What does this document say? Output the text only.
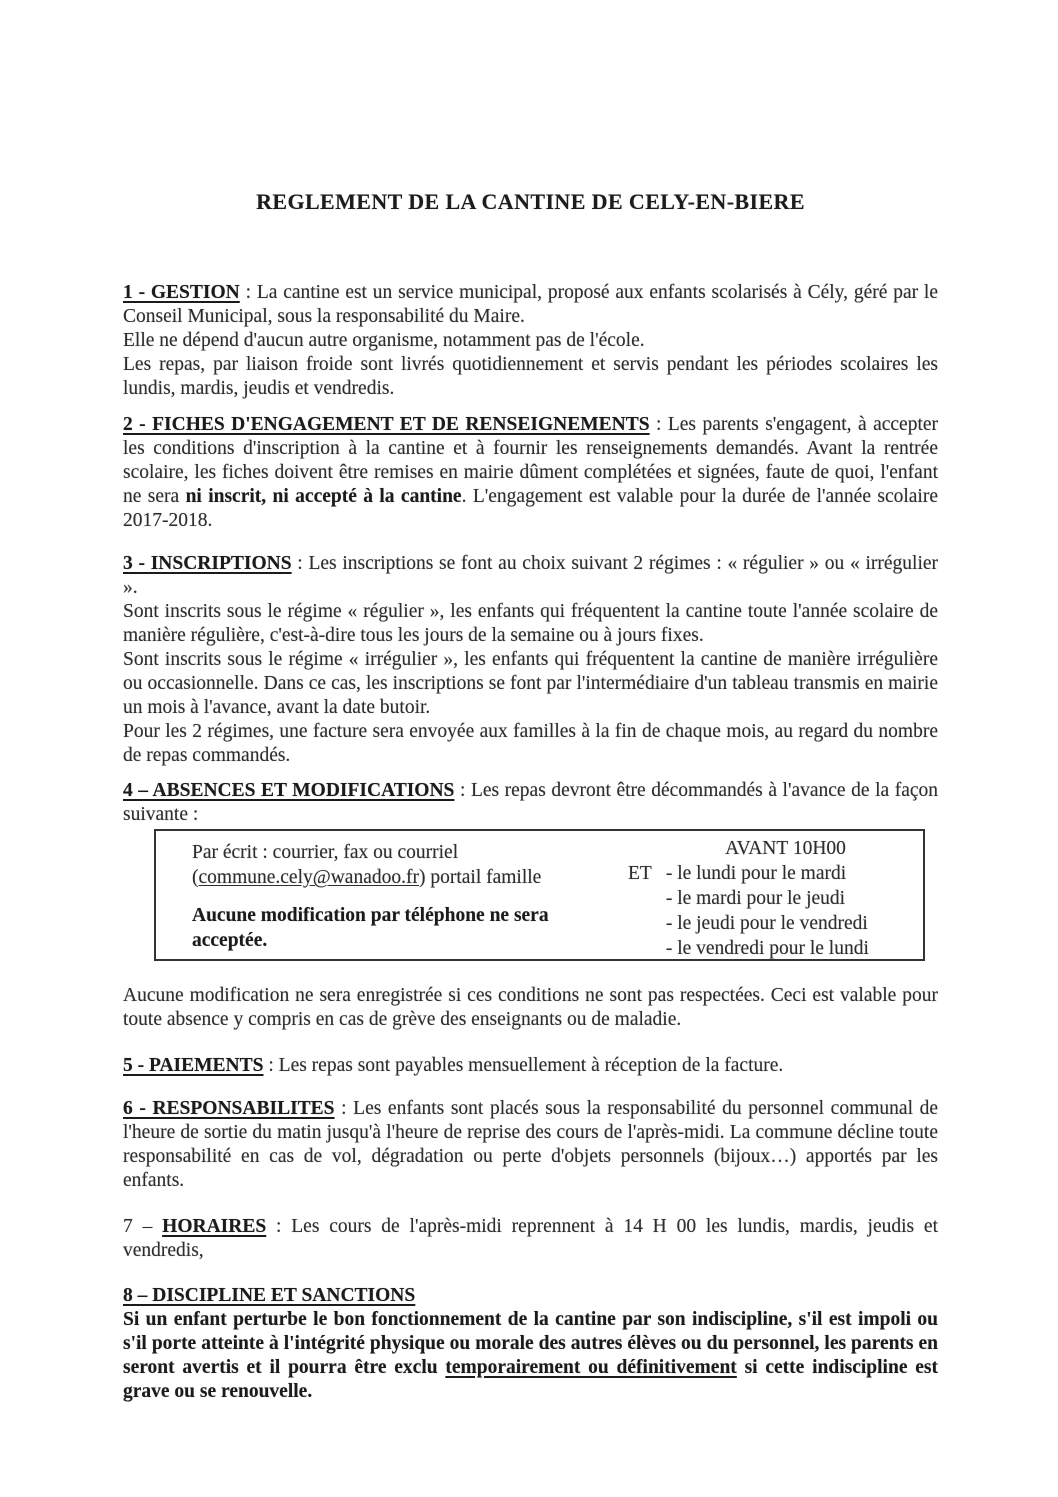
REGLEMENT DE LA CANTINE DE CELY-EN-BIERE

1 - GESTION : La cantine est un service municipal, proposé aux enfants scolarisés à Cély, géré par le Conseil Municipal, sous la responsabilité du Maire.

Elle ne dépend d'aucun autre organisme, notamment pas de l'école.

Les repas, par liaison froide sont livrés quotidiennement et servis pendant les périodes scolaires les lundis, mardis, jeudis et vendredis.

2 - FICHES D'ENGAGEMENT ET DE RENSEIGNEMENTS : Les parents s'engagent, à accepter les conditions d'inscription à la cantine et à fournir les renseignements demandés. Avant la rentrée scolaire, les fiches doivent être remises en mairie dûment complétées et signées, faute de quoi, l'enfant ne sera ni inscrit, ni accepté à la cantine. L'engagement est valable pour la durée de l'année scolaire 2017-2018.

3 - INSCRIPTIONS : Les inscriptions se font au choix suivant 2 régimes : « régulier » ou « irrégulier ».

Sont inscrits sous le régime « régulier », les enfants qui fréquentent la cantine toute l'année scolaire de manière régulière, c'est-à-dire tous les jours de la semaine ou à jours fixes.

Sont inscrits sous le régime « irrégulier », les enfants qui fréquentent la cantine de manière irrégulière ou occasionnelle. Dans ce cas, les inscriptions se font par l'intermédiaire d'un tableau transmis en mairie un mois à l'avance, avant la date butoir.

Pour les 2 régimes, une facture sera envoyée aux familles à la fin de chaque mois, au regard du nombre de repas commandés.

4 – ABSENCES ET MODIFICATIONS : Les repas devront être décommandés à l'avance de la façon suivante :

Par écrit : courrier, fax ou courriel
(commune.cely@wanadoo.fr) portail famille

Aucune modification par téléphone ne sera acceptée.

AVANT 10H00
ET - le lundi pour le mardi
- le mardi pour le jeudi
- le jeudi pour le vendredi
- le vendredi pour le lundi

Aucune modification ne sera enregistrée si ces conditions ne sont pas respectées. Ceci est valable pour toute absence y compris en cas de grève des enseignants ou de maladie.

5 - PAIEMENTS : Les repas sont payables mensuellement à réception de la facture.

6 - RESPONSABILITES : Les enfants sont placés sous la responsabilité du personnel communal de l'heure de sortie du matin jusqu'à l'heure de reprise des cours de l'après-midi. La commune décline toute responsabilité en cas de vol, dégradation ou perte d'objets personnels (bijoux…) apportés par les enfants.

7 – HORAIRES : Les cours de l'après-midi reprennent à 14 H 00 les lundis, mardis, jeudis et vendredis,

8 – DISCIPLINE ET SANCTIONS

Si un enfant perturbe le bon fonctionnement de la cantine par son indiscipline, s'il est impoli ou s'il porte atteinte à l'intégrité physique ou morale des autres élèves ou du personnel, les parents en seront avertis et il pourra être exclu temporairement ou définitivement si cette indiscipline est grave ou se renouvelle.
